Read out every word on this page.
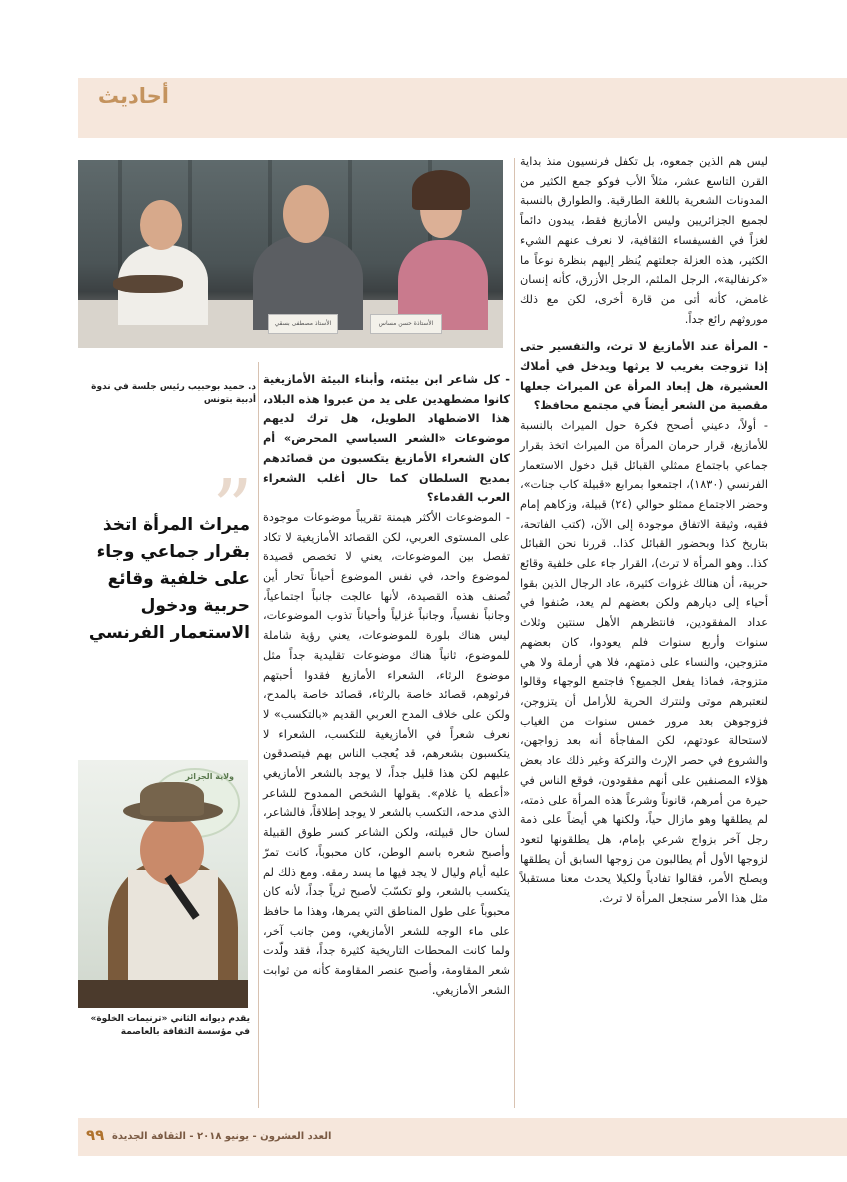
أحاديث
الأستاذ مصطفى بسقي	الأستاذة حسن مساس
د. حميد بوحبيب رئيس جلسة في ندوة أدبية بتونس
”
ميراث المرأة اتخذ بقرار جماعي وجاء على خلفية وقائع حربية ودخول الاستعمار الفرنسي
ولاية الجزائر
يقدم ديوانه الثاني «ترنيمات الخلوة» في مؤسسة الثقافة بالعاصمة

ليس هم الذين جمعوه، بل تكفل فرنسيون منذ بداية القرن التاسع عشر، مثلاً الأب فوكو جمع الكثير من المدونات الشعرية باللغة الطارقية. والطوارق بالنسبة لجميع الجزائريين وليس الأمازيغ فقط، يبدون دائماً لغزاً في الفسيفساء الثقافية، لا نعرف عنهم الشيء الكثير، هذه العزلة جعلتهم يُنظر إليهم بنظرة نوعاً ما «كرنفالية»، الرجل الملثم، الرجل الأزرق، كأنه إنسان غامض، كأنه أتى من قارة أخرى، لكن مع ذلك موروثهم رائع جداً.

- المرأة عند الأمازيغ لا ترث، والتفسير حتى إذا تزوجت بغريب لا يرثها ويدخل في أملاك العشيرة، هل إبعاد المرأة عن الميراث جعلها مقصية من الشعر أيضاً في مجتمع محافظ؟

- أولاً، دعيني أصحح فكرة حول الميراث بالنسبة للأمازيغ، قرار حرمان المرأة من الميراث اتخذ بقرار جماعي باجتماع ممثلي القبائل قبل دخول الاستعمار الفرنسي (١٨٣٠)، اجتمعوا بمرابع «قبيلة كاب جنات»، وحضر الاجتماع ممثلو حوالي (٢٤) قبيلة، وزكاهم إمام فقيه، وثيقة الاتفاق موجودة إلى الآن، (كتب الفاتحة، بتاريخ كذا وبحضور القبائل كذا.. قررنا نحن القبائل كذا.. وهو المرأة لا ترث)، القرار جاء على خلفية وقائع حربية، أن هنالك غزوات كثيرة، عاد الرجال الذين بقوا أحياء إلى ديارهم ولكن بعضهم لم يعد، صُنفوا في عداد المفقودين، فانتظرهم الأهل سنتين وثلاث سنوات وأربع سنوات فلم يعودوا، كان بعضهم متزوجين، والنساء على ذمتهم، فلا هي أرملة ولا هي متزوجة، فماذا يفعل الجميع؟ فاجتمع الوجهاء وقالوا لنعتبرهم موتى ولنترك الحرية للأرامل أن يتزوجن، فزوجوهن بعد مرور خمس سنوات من الغياب لاستحالة عودتهم، لكن المفاجأة أنه بعد زواجهن، والشروع في حصر الإرث والتركة وغير ذلك عاد بعض هؤلاء المصنفين على أنهم مفقودون، فوقع الناس في حيرة من أمرهم، قانوناً وشرعاً هذه المرأة على ذمته، لم يطلقها وهو مازال حياً، ولكنها هي أيضاً على ذمة رجل آخر بزواج شرعي بإمام، هل يطلقونها لتعود لزوجها الأول أم يطالبون من زوجها السابق أن يطلقها ويصلح الأمر، فقالوا تفادياً ولكيلا يحدث معنا مستقبلاً مثل هذا الأمر سنجعل المرأة لا ترث.

- كل شاعر ابن بيئته، وأبناء البيئة الأمازيغية كانوا مضطهدين على يد من عبروا هذه البلاد، هذا الاضطهاد الطويل، هل ترك لديهم موضوعات «الشعر السياسي المحرض» أم كان الشعراء الأمازيغ يتكسبون من قصائدهم بمديح السلطان كما حال أغلب الشعراء العرب القدماء؟

- الموضوعات الأكثر هيمنة تقريباً موضوعات موجودة على المستوى العربي، لكن القصائد الأمازيغية لا تكاد تفصل بين الموضوعات، يعني لا تخصص قصيدة لموضوع واحد، في نفس الموضوع أحياناً تحار أين تُصنف هذه القصيدة، لأنها عالجت جانباً اجتماعياً، وجانباً نفسياً، وجانباً غزلياً وأحياناً تذوب الموضوعات، ليس هناك بلورة للموضوعات، يعني رؤية شاملة للموضوع، ثانياً هناك موضوعات تقليدية جداً مثل موضوع الرثاء، الشعراء الأمازيغ فقدوا أحبتهم فرثوهم، قصائد خاصة بالرثاء، قصائد خاصة بالمدح، ولكن على خلاف المدح العربي القديم «بالتكسب» لا نعرف شعراً في الأمازيغية للتكسب، الشعراء لا يتكسبون بشعرهم، قد يُعجب الناس بهم فيتصدقون عليهم لكن هذا قليل جداً، لا يوجد بالشعر الأمازيغي «أعطه يا غلام». يقولها الشخص الممدوح للشاعر الذي مدحه، التكسب بالشعر لا يوجد إطلاقاً، فالشاعر، لسان حال قبيلته، ولكن الشاعر كسر طوق القبيلة وأصبح شعره باسم الوطن، كان محبوباً، كانت تمرّ عليه أيام وليال لا يجد فيها ما يسد رمقه. ومع ذلك لم يتكسب بالشعر، ولو تكسّبَ لأصبح ثرياً جداً، لأنه كان محبوباً على طول المناطق التي يمرها، وهذا ما حافظ على ماء الوجه للشعر الأمازيغي، ومن جانب آخر، ولما كانت المحطات التاريخية كثيرة جداً، فقد ولّدت شعر المقاومة، وأصبح عنصر المقاومة كأنه من ثوابت الشعر الأمازيغي.

٩٩ العدد العشرون - يونيو ٢٠١٨ - الثقافة الجديدة
